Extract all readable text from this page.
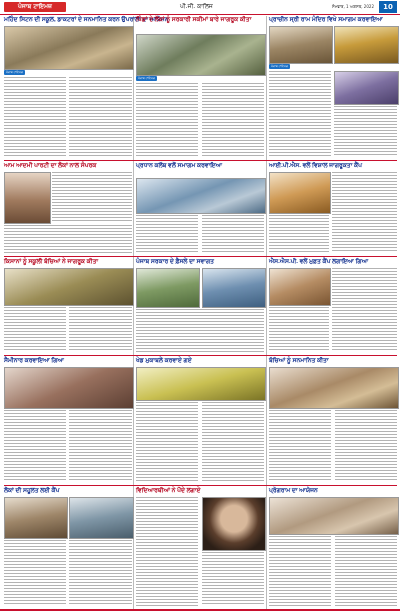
ਪੰਜਾਬ ਟਾਇਮਜ਼	ਪੀ.ਜੀ. ਕਾਲਿਜ	ਸੋਮਵਾਰ, 1 ਅਗਸਤ, 2022	10
ਮਹਿੰਦ ਸਿਟਨ ਦੀ ਸਕੂਲ, ਡਾਕਟਰਾਂ ਦੇ ਸਨਮਾਨਿਤ ਕਰਨ ਉਪਰਾਲਾ ਦਾ ਆਯੋਜਨ
ਪੰਜਾਬ ਟਾਇਮਜ਼
ਪਿੰਡਾਂ ਦੇ ਲੋਕਾਂ ਨੂੰ ਸਰਕਾਰੀ ਸਕੀਮਾਂ ਬਾਰੇ ਜਾਗਰੂਕ ਕੀਤਾ
ਪੰਜਾਬ ਟਾਇਮਜ਼
ਪ੍ਰਾਚੀਨ ਸ੍ਰੀ ਰਾਮ ਮੰਦਿਰ ਵਿਖੇ ਸਮਾਗਮ ਕਰਵਾਇਆ
ਪੰਜਾਬ ਟਾਇਮਜ਼
ਆਮ ਆਦਮੀ ਪਾਰਟੀ ਦਾ ਲੋਕਾਂ ਨਾਲ ਸੰਪਰਕ	ਪ੍ਰਧਾਨ ਕਲੱਬ ਵਲੋਂ ਸਮਾਗਮ ਕਰਵਾਇਆ	ਆਈ.ਪੀ.ਐਸ. ਵਲੋਂ ਵਿਸ਼ਾਲ ਜਾਗਰੂਕਤਾ ਕੈਂਪ
ਕਿਸਾਨਾਂ ਨੂੰ ਸਕੂਲੀ ਬੱਚਿਆਂ ਨੇ ਜਾਗਰੂਕ ਕੀਤਾ	ਪੰਜਾਬ ਸਰਕਾਰ ਦੇ ਫ਼ੈਸਲੇ ਦਾ ਸਵਾਗਤ	ਐਸ.ਐਸ.ਪੀ. ਵਲੋਂ ਮੁਫ਼ਤ ਕੈਂਪ ਲਗਾਇਆ ਗਿਆ
ਸੈਮੀਨਾਰ ਕਰਵਾਇਆ ਗਿਆ	ਖੇਡ ਮੁਕਾਬਲੇ ਕਰਵਾਏ ਗਏ	ਬੱਚਿਆਂ ਨੂੰ ਸਨਮਾਨਿਤ ਕੀਤਾ
ਲੋਕਾਂ ਦੀ ਸਹੂਲਤ ਲਈ ਕੈਂਪ	ਵਿਦਿਆਰਥੀਆਂ ਨੇ ਪੌਦੇ ਲਗਾਏ	ਪ੍ਰੋਗਰਾਮ ਦਾ ਆਯੋਜਨ
